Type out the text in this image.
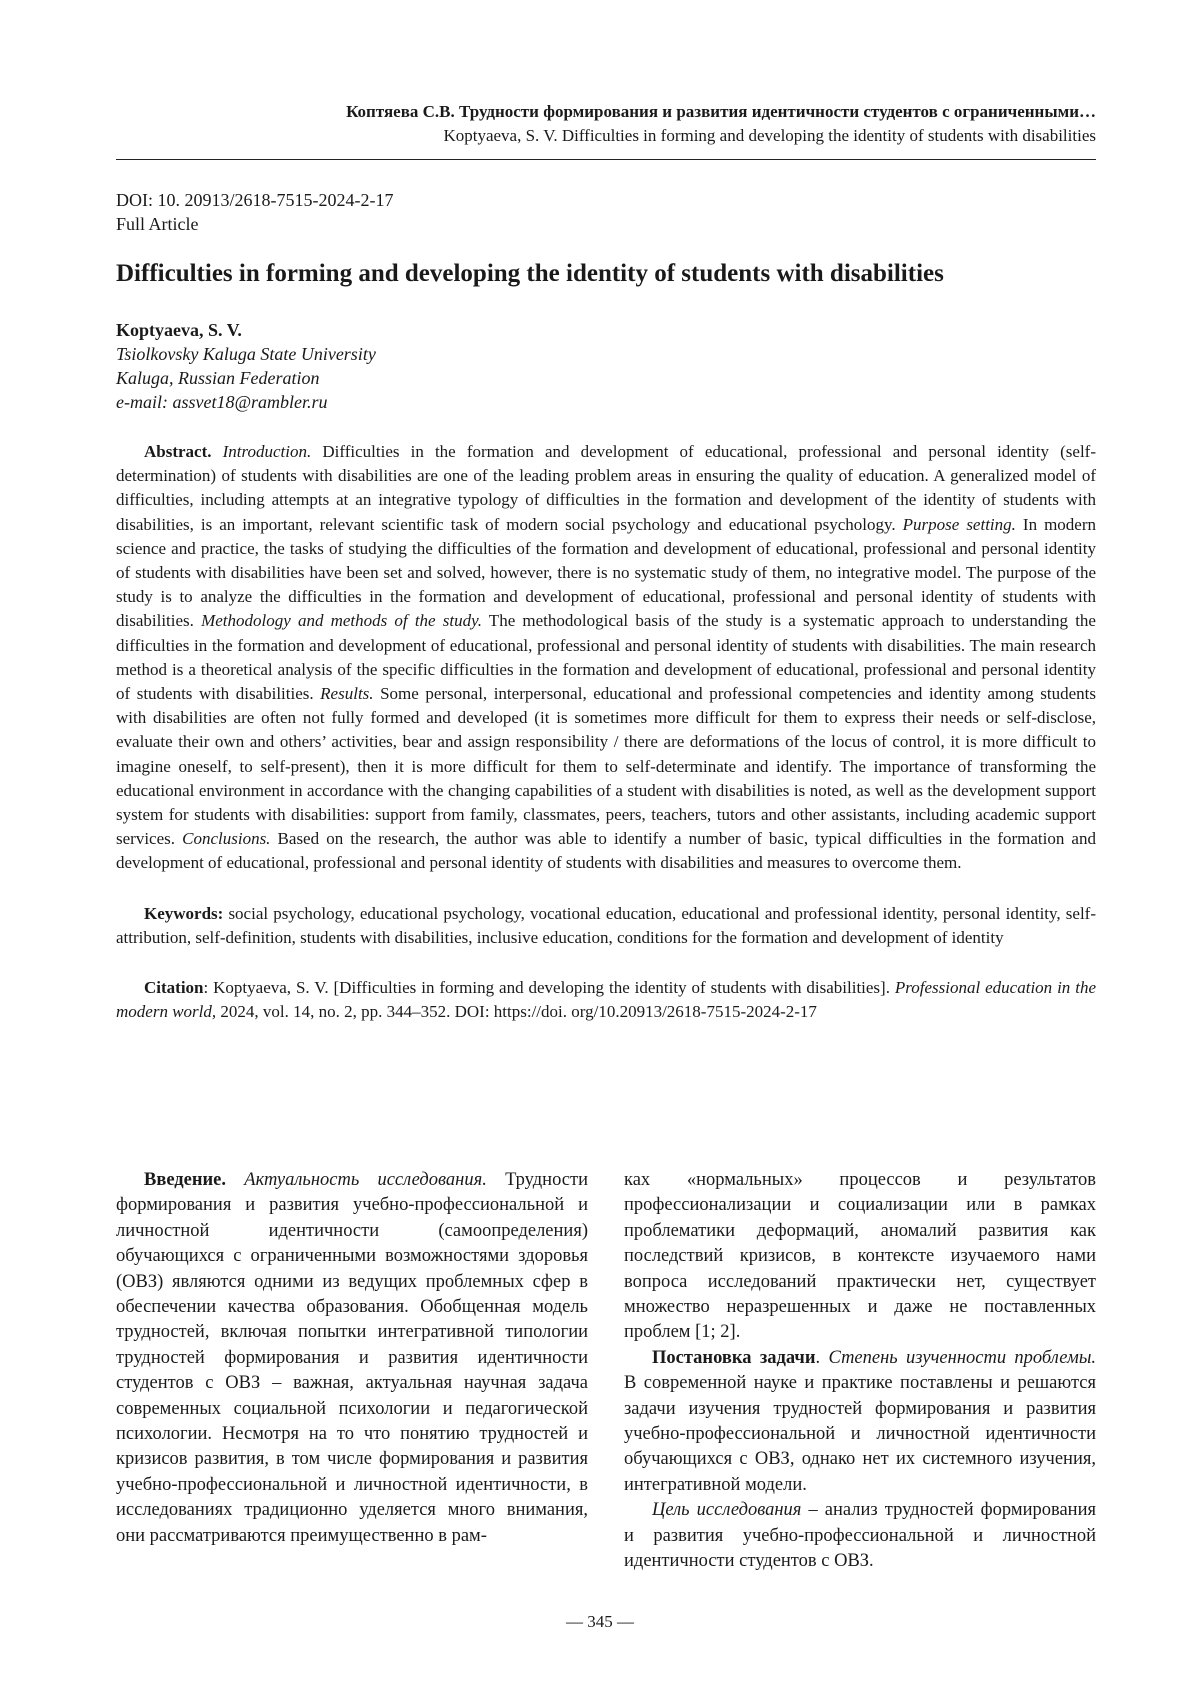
Коптяева С.В. Трудности формирования и развития идентичности студентов с ограниченными…
Koptyaeva, S. V. Difficulties in forming and developing the identity of students with disabilities
DOI: 10. 20913/2618-7515-2024-2-17
Full Article
Difficulties in forming and developing the identity of students with disabilities
Koptyaeva, S. V.
Tsiolkovsky Kaluga State University
Kaluga, Russian Federation
e-mail: assvet18@rambler.ru

Abstract. Introduction. Difficulties in the formation and development of educational, professional and personal identity (self-determination) of students with disabilities are one of the leading problem areas in ensuring the quality of education. A generalized model of difficulties, including attempts at an integrative typology of difficulties in the formation and development of the identity of students with disabilities, is an important, relevant scientific task of modern social psychology and educational psychology. Purpose setting. In modern science and practice, the tasks of studying the difficulties of the formation and development of educational, professional and personal identity of students with disabilities have been set and solved, however, there is no systematic study of them, no integrative model. The purpose of the study is to analyze the difficulties in the formation and development of educational, professional and personal identity of students with disabilities. Methodology and methods of the study. The methodological basis of the study is a systematic approach to understanding the difficulties in the formation and development of educational, professional and personal identity of students with disabilities. The main research method is a theoretical analysis of the specific difficulties in the formation and development of educational, professional and personal identity of students with disabilities. Results. Some personal, interpersonal, educational and professional competencies and identity among students with disabilities are often not fully formed and developed (it is sometimes more difficult for them to express their needs or self-disclose, evaluate their own and others’ activities, bear and assign responsibility / there are deformations of the locus of control, it is more difficult to imagine oneself, to self-present), then it is more difficult for them to self-determinate and identify. The importance of transforming the educational environment in accordance with the changing capabilities of a student with disabilities is noted, as well as the development support system for students with disabilities: support from family, classmates, peers, teachers, tutors and other assistants, including academic support services. Conclusions. Based on the research, the author was able to identify a number of basic, typical difficulties in the formation and development of educational, professional and personal identity of students with disabilities and measures to overcome them.

Keywords: social psychology, educational psychology, vocational education, educational and professional identity, personal identity, self-attribution, self-definition, students with disabilities, inclusive education, conditions for the formation and development of identity

Citation: Koptyaeva, S. V. [Difficulties in forming and developing the identity of students with disabilities]. Professional education in the modern world, 2024, vol. 14, no. 2, pp. 344–352. DOI: https://doi. org/10.20913/2618-7515-2024-2-17

Введение. Актуальность исследования. Трудности формирования и развития учебно-профессиональной и личностной идентичности (самоопределения) обучающихся с ограниченными возможностями здоровья (ОВЗ) являются одними из ведущих проблемных сфер в обеспечении качества образования. Обобщенная модель трудностей, включая попытки интегративной типологии трудностей формирования и развития идентичности студентов с ОВЗ – важная, актуальная научная задача современных социальной психологии и педагогической психологии. Несмотря на то что понятию трудностей и кризисов развития, в том числе формирования и развития учебно-профессиональной и личностной идентичности, в исследованиях традиционно уделяется много внимания, они рассматриваются преимущественно в рам-

ках «нормальных» процессов и результатов профессионализации и социализации или в рамках проблематики деформаций, аномалий развития как последствий кризисов, в контексте изучаемого нами вопроса исследований практически нет, существует множество неразрешенных и даже не поставленных проблем [1; 2].

Постановка задачи. Степень изученности проблемы. В современной науке и практике поставлены и решаются задачи изучения трудностей формирования и развития учебно-профессиональной и личностной идентичности обучающихся с ОВЗ, однако нет их системного изучения, интегративной модели.

Цель исследования – анализ трудностей формирования и развития учебно-профессиональной и личностной идентичности студентов с ОВЗ.

— 345 —
